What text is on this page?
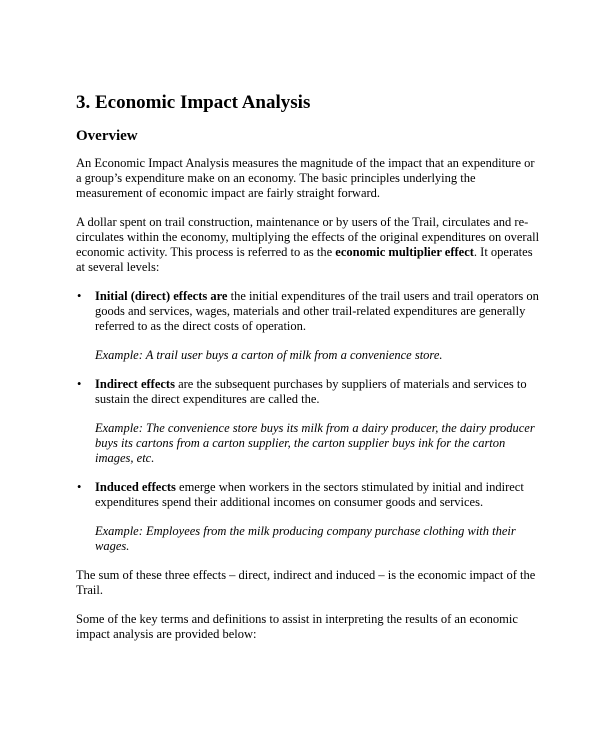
3. Economic Impact Analysis
Overview

An Economic Impact Analysis measures the magnitude of the impact that an expenditure or a group’s expenditure make on an economy. The basic principles underlying the measurement of economic impact are fairly straight forward.

A dollar spent on trail construction, maintenance or by users of the Trail, circulates and re-circulates within the economy, multiplying the effects of the original expenditures on overall economic activity. This process is referred to as the economic multiplier effect. It operates at several levels:

• Initial (direct) effects are the initial expenditures of the trail users and trail operators on goods and services, wages, materials and other trail-related expenditures are generally referred to as the direct costs of operation.

Example: A trail user buys a carton of milk from a convenience store.

• Indirect effects are the subsequent purchases by suppliers of materials and services to sustain the direct expenditures are called the.

Example: The convenience store buys its milk from a dairy producer, the dairy producer buys its cartons from a carton supplier, the carton supplier buys ink for the carton images, etc.

• Induced effects emerge when workers in the sectors stimulated by initial and indirect expenditures spend their additional incomes on consumer goods and services.

Example: Employees from the milk producing company purchase clothing with their wages.

The sum of these three effects – direct, indirect and induced – is the economic impact of the Trail.

Some of the key terms and definitions to assist in interpreting the results of an economic impact analysis are provided below:
